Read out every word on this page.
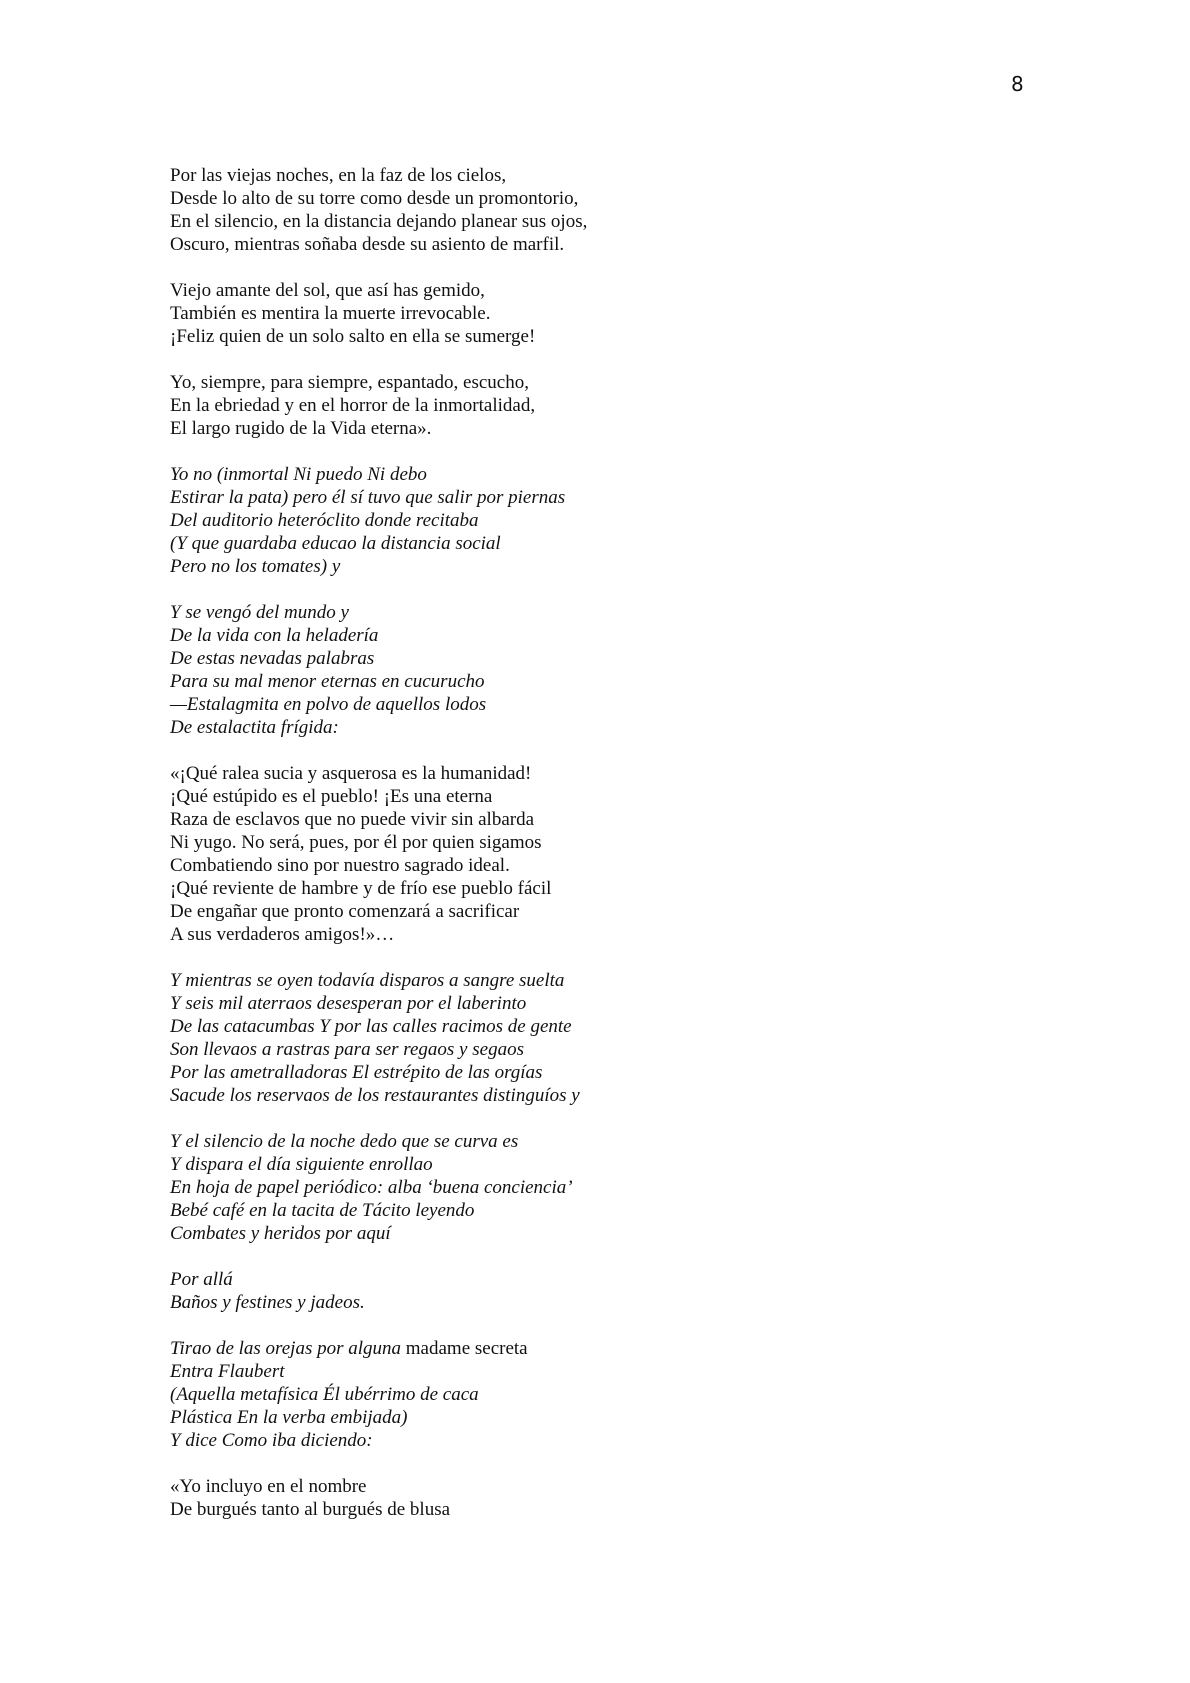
8
Por las viejas noches, en la faz de los cielos,
Desde lo alto de su torre como desde un promontorio,
En el silencio, en la distancia dejando planear sus ojos,
Oscuro, mientras soñaba desde su asiento de marfil.
Viejo amante del sol, que así has gemido,
También es mentira la muerte irrevocable.
¡Feliz quien de un solo salto en ella se sumerge!
Yo, siempre, para siempre, espantado, escucho,
En la ebriedad y en el horror de la inmortalidad,
El largo rugido de la Vida eterna».
Yo no (inmortal Ni puedo Ni debo
Estirar la pata) pero él sí tuvo que salir por piernas
Del auditorio heteróclito donde recitaba
(Y que guardaba educao la distancia social
Pero no los tomates) y
Y se vengó del mundo y
De la vida con la heladería
De estas nevadas palabras
Para su mal menor eternas en cucurucho
—Estalagmita en polvo de aquellos lodos
De estalactita frígida:
«¡Qué ralea sucia y asquerosa es la humanidad!
¡Qué estúpido es el pueblo! ¡Es una eterna
Raza de esclavos que no puede vivir sin albarda
Ni yugo. No será, pues, por él por quien sigamos
Combatiendo sino por nuestro sagrado ideal.
¡Qué reviente de hambre y de frío ese pueblo fácil
De engañar que pronto comenzará a sacrificar
A sus verdaderos amigos!»…
Y mientras se oyen todavía disparos a sangre suelta
Y seis mil aterraos desesperan por el laberinto
De las catacumbas Y por las calles racimos de gente
Son llevaos a rastras para ser regaos y segaos
Por las ametralladoras El estrépito de las orgías
Sacude los reservaos de los restaurantes distinguíos y
Y el silencio de la noche dedo que se curva es
Y dispara el día siguiente enrollao
En hoja de papel periódico: alba ‘buena conciencia’
Bebé café en la tacita de Tácito leyendo
Combates y heridos por aquí
Por allá
Baños y festines y jadeos.
Tirao de las orejas por alguna madame secreta
Entra Flaubert
(Aquella metafísica Él ubérrimo de caca
Plástica En la verba embijada)
Y dice Como iba diciendo:
«Yo incluyo en el nombre
De burgués tanto al burgués de blusa
